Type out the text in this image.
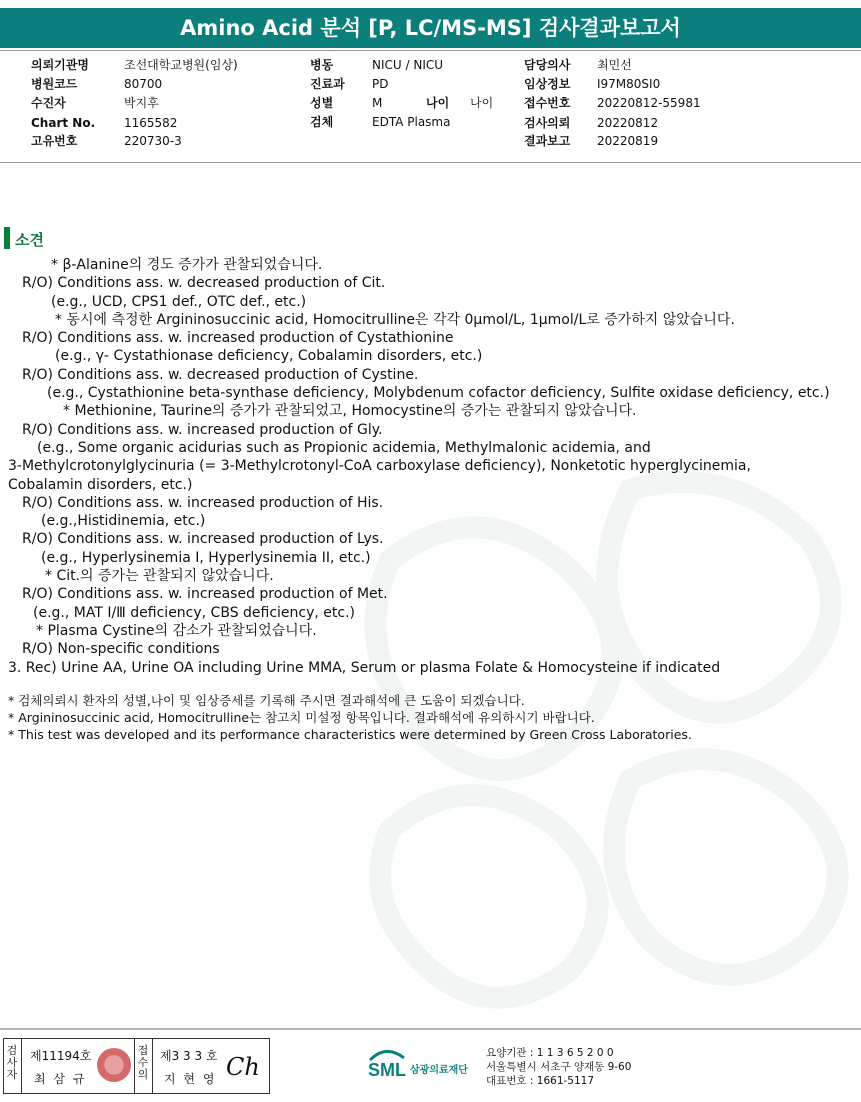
Amino Acid 분석 [P, LC/MS-MS] 검사결과보고서
의뢰기관명	조선대학교병원(임상)
병원코드	80700
수진자	박지후
Chart No. 1165582
고유번호	220730-3
병동	NICU / NICU
진료과 PD
성별	M	나이 나이
검체	EDTA Plasma
담당의사 최민선
임상정보 I97M80SI0
접수번호 20220812-55981
검사의뢰 20220812
결과보고 20220819
소견
* β-Alanine의 경도 증가가 관찰되었습니다.
R/O) Conditions ass. w. decreased production of Cit.
(e.g., UCD, CPS1 def., OTC def., etc.)
* 동시에 측정한 Argininosuccinic acid, Homocitrulline은 각각 0μmol/L, 1μmol/L로 증가하지 않았습니다.
R/O) Conditions ass. w. increased production of Cystathionine
(e.g., γ- Cystathionase deficiency, Cobalamin disorders, etc.)
R/O) Conditions ass. w. decreased production of Cystine.
(e.g., Cystathionine beta-synthase deficiency, Molybdenum cofactor deficiency, Sulfite oxidase deficiency, etc.)
* Methionine, Taurine의 증가가 관찰되었고, Homocystine의 증가는 관찰되지 않았습니다.
R/O) Conditions ass. w. increased production of Gly.
(e.g., Some organic acidurias such as Propionic acidemia, Methylmalonic acidemia, and
3-Methylcrotonylglycinuria (= 3-Methylcrotonyl-CoA carboxylase deficiency), Nonketotic hyperglycinemia,
Cobalamin disorders, etc.)
R/O) Conditions ass. w. increased production of His.
(e.g.,Histidinemia, etc.)
R/O) Conditions ass. w. increased production of Lys.
(e.g., Hyperlysinemia I, Hyperlysinemia II, etc.)
* Cit.의 증가는 관찰되지 않았습니다.
R/O) Conditions ass. w. increased production of Met.
(e.g., MAT Ⅰ/Ⅲ deficiency, CBS deficiency, etc.)
* Plasma Cystine의 감소가 관찰되었습니다.
R/O) Non-specific conditions
3. Rec) Urine AA, Urine OA including Urine MMA, Serum or plasma Folate & Homocysteine if indicated
* 검체의뢰시 환자의 성별,나이 및 임상증세를 기록해 주시면 결과해석에 큰 도움이 되겠습니다.
* Argininosuccinic acid, Homocitrulline는 참고치 미설정 항목입니다. 결과해석에 유의하시기 바랍니다.
* This test was developed and its performance characteristics were determined by Green Cross Laboratories.
검사자
제11194호
최 삼 규
접수의
제3 3 3 호
지 현 영 Ch	SML 삼광의료재단
요양기관 : 1 1 3 6 5 2 0 0
서울특별시 서초구 양재동 9-60
대표번호 : 1661-5117
